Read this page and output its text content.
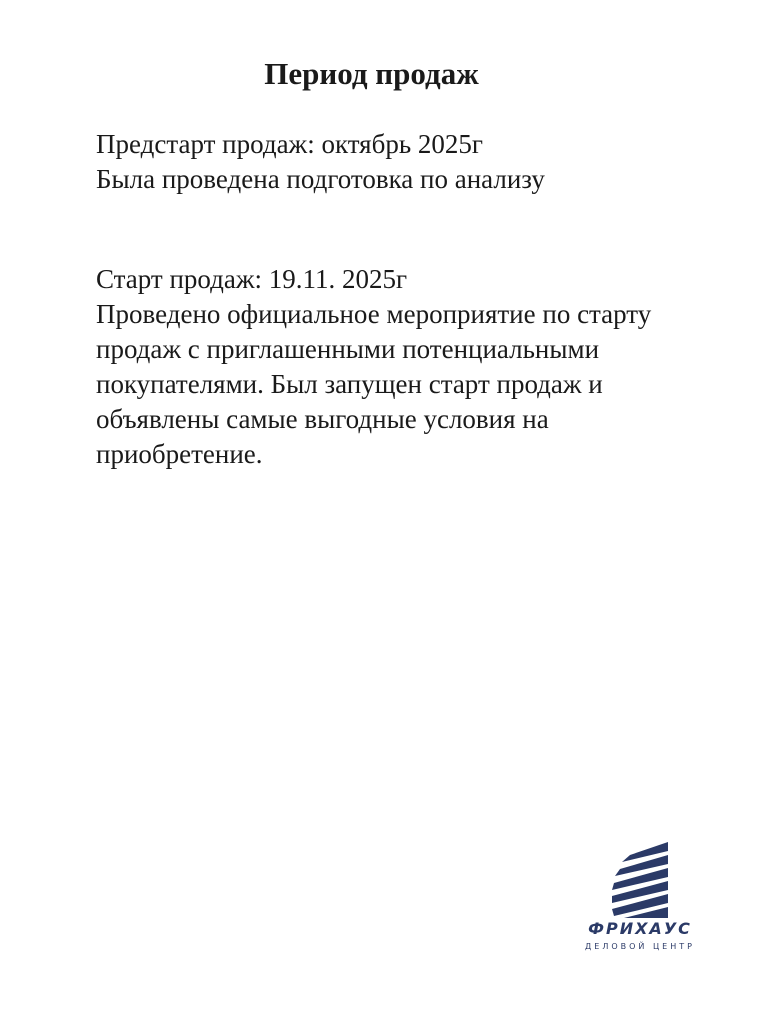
Период продаж

Предстарт продаж: октябрь 2025г

Была проведена подготовка по анализу

Старт продаж: 19.11. 2025г

Проведено официальное мероприятие по старту

продаж с приглашенными потенциальными

покупателями. Был запущен старт продаж и

объявлены самые выгодные условия на

приобретение.

ФРИХАУС
ДЕЛОВОЙ ЦЕНТР
